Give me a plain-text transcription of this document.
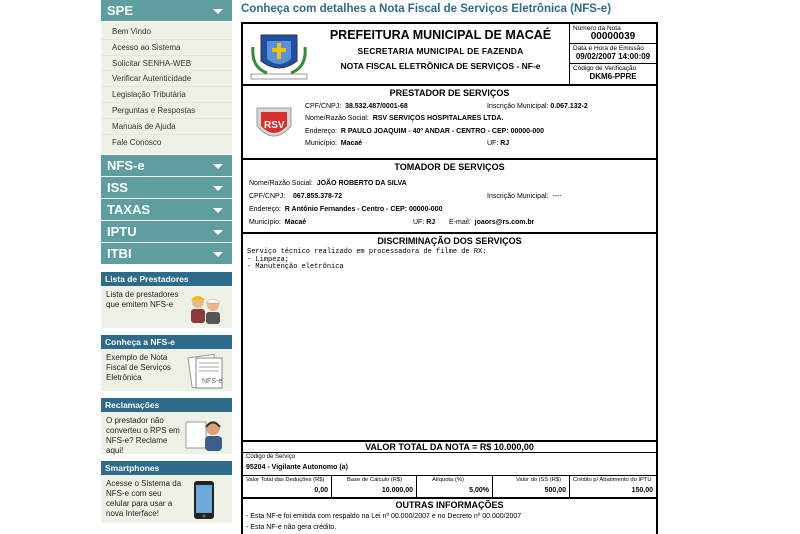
SPE
Bem Vindo
Acesso ao Sistema
Solicitar SENHA-WEB
Verificar Autenticidade
Legislação Tributária
Perguntas e Respostas
Manuais de Ajuda
Fale Conosco
NFS-e
ISS
TAXAS
IPTU
ITBI
Lista de Prestadores
Lista de prestadores que emitem NFS-e
Conheça a NFS-e
Exemplo de Nota Fiscal de Serviços Eletrônica	NFS-e
Reclamações
O prestador não converteu o RPS em NFS-e? Reclame aqui!
Smartphones
Acesse o Sistema da NFS-e com seu celular para usar a nova Interface!
Conheça com detalhes a Nota Fiscal de Serviços Eletrônica (NFS-e)
PREFEITURA MUNICIPAL DE MACAÉ
SECRETARIA MUNICIPAL DE FAZENDA
NOTA FISCAL ELETRÔNICA DE SERVIÇOS - NF-e
Número da Nota
00000039
Data e Hora de Emissão
09/02/2007 14:00:09
Código de Verificação
DKM6-PPRE
PRESTADOR DE SERVIÇOS
RSV
CPF/CNPJ: 38.532.487/0001-68	Inscrição Municipal: 0.067.132-2
Nome/Razão Social: RSV SERVIÇOS HOSPITALARES LTDA.
Endereço: R PAULO JOAQUIM - 40º ANDAR - CENTRO - CEP: 00000-000
Município: Macaé	UF: RJ
TOMADOR DE SERVIÇOS
Nome/Razão Social: JOÃO ROBERTO DA SILVA
CPF/CNPJ: 067.855.378-72	Inscrição Municipal: ----
Endereço: R Antônio Fernandes - Centro - CEP: 00000-000
Município: Macaé	UF: RJ E-mail: joaors@rs.com.br
DISCRIMINAÇÃO DOS SERVIÇOS
Serviço técnico realizado em processadora de filme de RX:
- Limpeza;
- Manutenção eletrônica
VALOR TOTAL DA NOTA = R$ 10.000,00
Código de Serviço
95204 - Vigilante Autonomo (a)
Valor Total das Deduções (R$)
0,00
Base de Cálculo (R$)
10.000,00
Alíquota (%)
5,00%
Valor do ISS (R$)
500,00
Crédito p/ Abatimento do IPTU
150,00
OUTRAS INFORMAÇÕES
- Esta NF-e foi emitida com respaldo na Lei nº 00.000/2007 e no Decreto nº 00.000/2007
- Esta NF-e não gera crédito.
